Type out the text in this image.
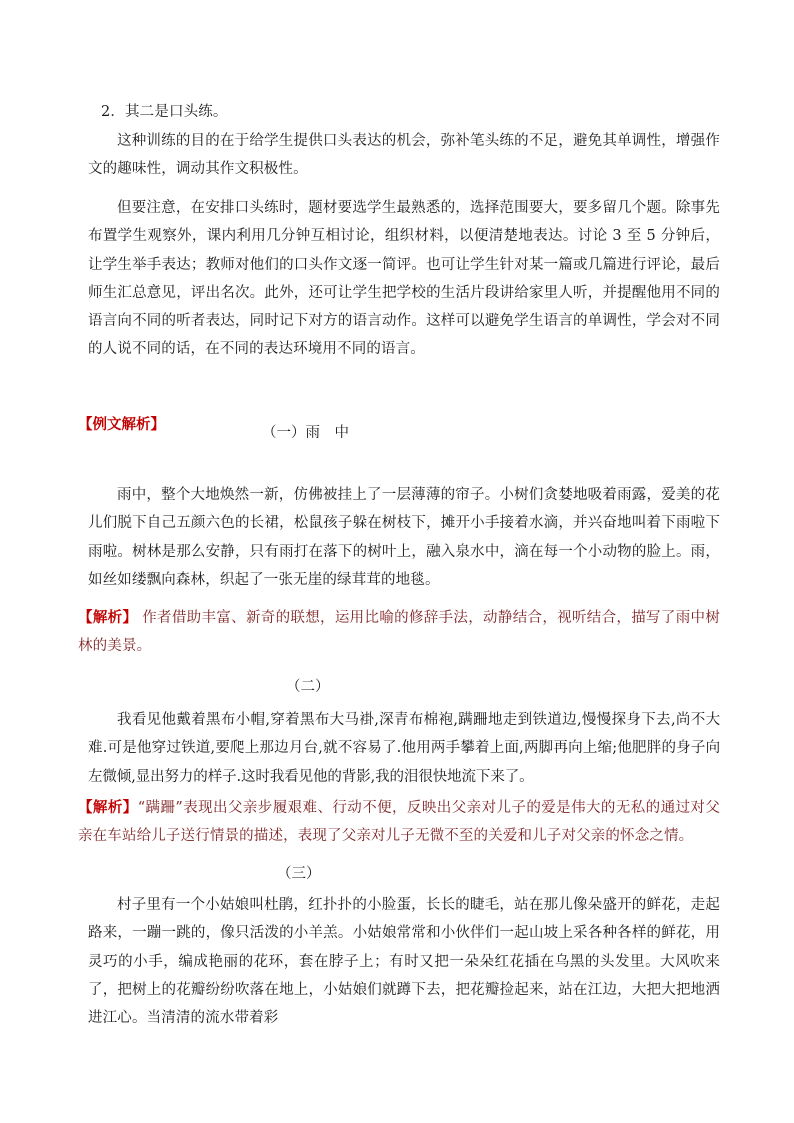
2．其二是口头练。

这种训练的目的在于给学生提供口头表达的机会，弥补笔头练的不足，避免其单调性，增强作文的趣味性，调动其作文积极性。

但要注意，在安排口头练时，题材要选学生最熟悉的，选择范围要大，要多留几个题。除事先布置学生观察外，课内利用几分钟互相讨论，组织材料，以便清楚地表达。讨论 3 至 5 分钟后，让学生举手表达；教师对他们的口头作文逐一简评。也可让学生针对某一篇或几篇进行评论，最后师生汇总意见，评出名次。此外，还可让学生把学校的生活片段讲给家里人听，并提醒他用不同的语言向不同的听者表达，同时记下对方的语言动作。这样可以避免学生语言的单调性，学会对不同的人说不同的话，在不同的表达环境用不同的语言。

【例文解析】	（一）雨　中

雨中，整个大地焕然一新，仿佛被挂上了一层薄薄的帘子。小树们贪婪地吸着雨露，爱美的花儿们脱下自己五颜六色的长裙，松鼠孩子躲在树枝下，摊开小手接着水滴，并兴奋地叫着下雨啦下雨啦。树林是那么安静，只有雨打在落下的树叶上，融入泉水中，滴在每一个小动物的脸上。雨，如丝如缕飘向森林，织起了一张无崖的绿茸茸的地毯。

【解析】 作者借助丰富、新奇的联想，运用比喻的修辞手法，动静结合，视听结合，描写了雨中树林的美景。

（二）

我看见他戴着黑布小帽,穿着黑布大马褂,深青布棉袍,蹒跚地走到铁道边,慢慢探身下去,尚不大难.可是他穿过铁道,要爬上那边月台,就不容易了.他用两手攀着上面,两脚再向上缩;他肥胖的身子向左微倾,显出努力的样子.这时我看见他的背影,我的泪很快地流下来了。

【解析】“蹒跚”表现出父亲步履艰难、行动不便，反映出父亲对儿子的爱是伟大的无私的通过对父亲在车站给儿子送行情景的描述，表现了父亲对儿子无微不至的关爱和儿子对父亲的怀念之情。

（三）

村子里有一个小姑娘叫杜鹃，红扑扑的小脸蛋，长长的睫毛，站在那儿像朵盛开的鲜花，走起路来，一蹦一跳的，像只活泼的小羊羔。小姑娘常常和小伙伴们一起山坡上采各种各样的鲜花，用灵巧的小手，编成艳丽的花环，套在脖子上；有时又把一朵朵红花插在乌黑的头发里。大风吹来了，把树上的花瓣纷纷吹落在地上，小姑娘们就蹲下去，把花瓣捡起来，站在江边，大把大把地洒进江心。当清清的流水带着彩
